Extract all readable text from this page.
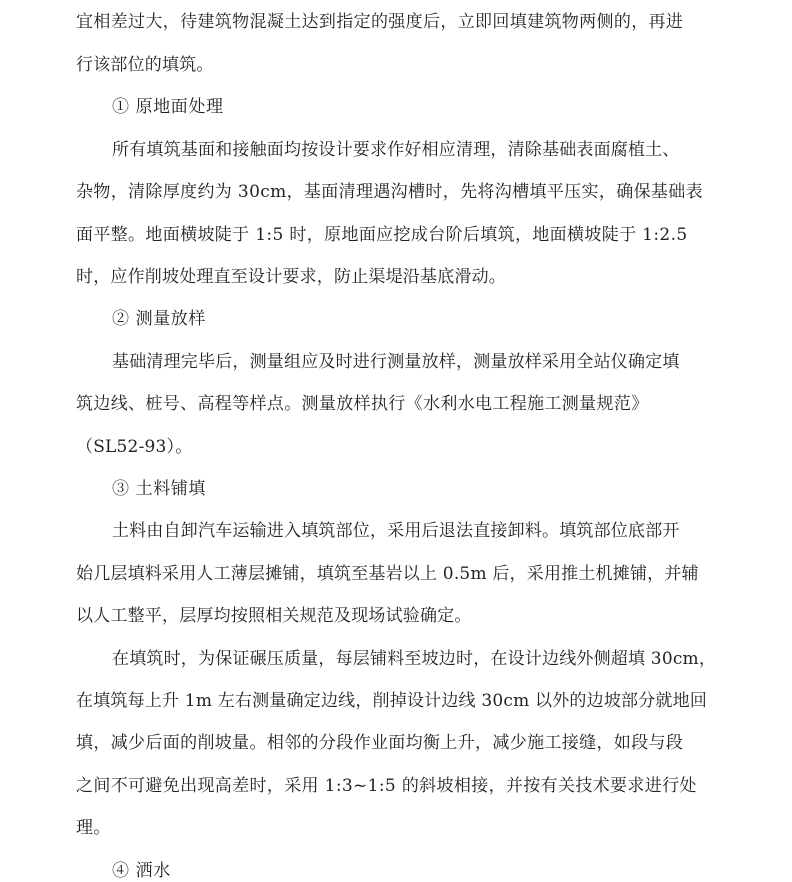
宜相差过大，待建筑物混凝土达到指定的强度后，立即回填建筑物两侧的，再进
行该部位的填筑。
① 原地面处理
所有填筑基面和接触面均按设计要求作好相应清理，清除基础表面腐植土、
杂物，清除厚度约为 30cm，基面清理遇沟槽时，先将沟槽填平压实，确保基础表
面平整。地面横坡陡于 1:5 时，原地面应挖成台阶后填筑，地面横坡陡于 1:2.5
时，应作削坡处理直至设计要求，防止渠堤沿基底滑动。
② 测量放样
基础清理完毕后，测量组应及时进行测量放样，测量放样采用全站仪确定填
筑边线、桩号、高程等样点。测量放样执行《水利水电工程施工测量规范》
（SL52-93）。
③ 土料铺填
土料由自卸汽车运输进入填筑部位，采用后退法直接卸料。填筑部位底部开
始几层填料采用人工薄层摊铺，填筑至基岩以上 0.5m 后，采用推土机摊铺，并辅
以人工整平，层厚均按照相关规范及现场试验确定。
在填筑时，为保证碾压质量，每层铺料至坡边时，在设计边线外侧超填 30cm，
在填筑每上升 1m 左右测量确定边线，削掉设计边线 30cm 以外的边坡部分就地回
填，减少后面的削坡量。相邻的分段作业面均衡上升，减少施工接缝，如段与段
之间不可避免出现高差时，采用 1:3~1:5 的斜坡相接，并按有关技术要求进行处
理。
④ 洒水
